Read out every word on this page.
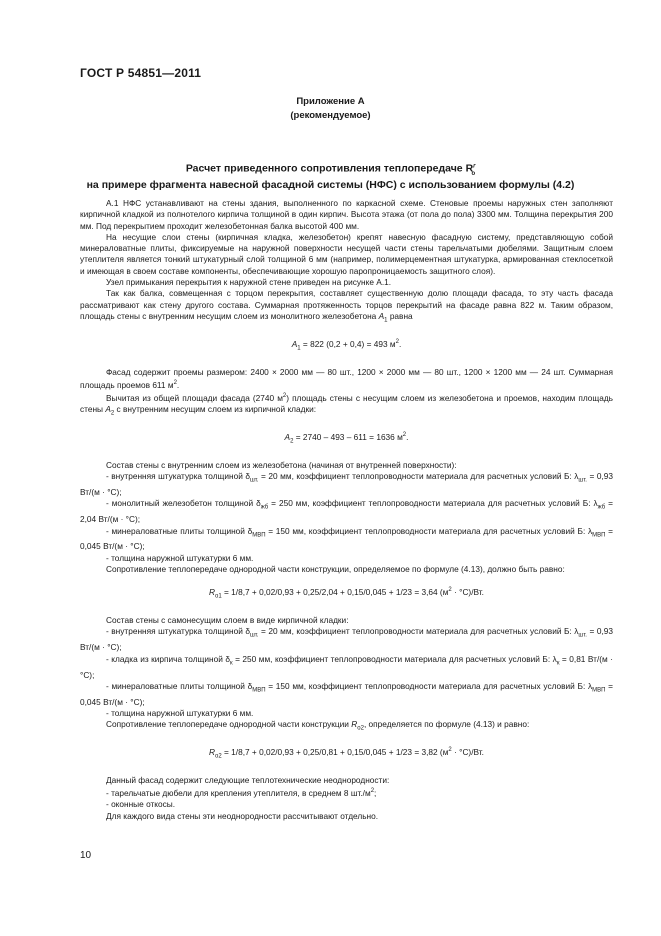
ГОСТ Р 54851—2011
Приложение А
(рекомендуемое)
Расчет приведенного сопротивления теплопередаче $R^r_о$
на примере фрагмента навесной фасадной системы (НФС) с использованием формулы (4.2)

А.1 НФС устанавливают на стены здания, выполненного по каркасной схеме. Стеновые проемы наружных стен заполняют кирпичной кладкой из полнотелого кирпича толщиной в один кирпич. Высота этажа (от пола до пола) 3300 мм. Толщина перекрытия 200 мм. Под перекрытием проходит железобетонная балка высотой 400 мм.

На несущие слои стены (кирпичная кладка, железобетон) крепят навесную фасадную систему, представляющую собой минераловатные плиты, фиксируемые на наружной поверхности несущей части стены тарельчатыми дюбелями. Защитным слоем утеплителя является тонкий штукатурный слой толщиной 6 мм (например, полимерцементная штукатурка, армированная стеклосеткой и имеющая в своем составе компоненты, обеспечивающие хорошую паропроницаемость защитного слоя).

Узел примыкания перекрытия к наружной стене приведен на рисунке А.1.

Так как балка, совмещенная с торцом перекрытия, составляет существенную долю площади фасада, то эту часть фасада рассматривают как стену другого состава. Суммарная протяженность торцов перекрытий на фасаде равна 822 м. Таким образом, площадь стены с внутренним несущим слоем из монолитного железобетона $A_1$ равна

$A_1 = 822$ (0,2 + 0,4) = 493 $м^2$.

Фасад содержит проемы размером: 2400 × 2000 мм — 80 шт., 1200 × 2000 мм — 80 шт., 1200 × 1200 мм — 24 шт. Суммарная площадь проемов 611 $м^2$.

Вычитая из общей площади фасада (2740 $м^2$) площадь стены с несущим слоем из железобетона и проемов, находим площадь стены $A_2$ с внутренним несущим слоем из кирпичной кладки:

$A_2 = 2740 - 493 - 611 = 1636$ $м^2$.

Состав стены с внутренним слоем из железобетона (начиная от внутренней поверхности):

- внутренняя штукатурка толщиной $\delta_{шт.} = 20$ мм, коэффициент теплопроводности материала для расчетных условий Б: $\lambda_{шт.} = 0,93$ Вт/(м · °С);

- монолитный железобетон толщиной $\delta_{жб} = 250$ мм, коэффициент теплопроводности материала для расчетных условий Б: $\lambda_{жб} = 2,04$ Вт/(м · °С);

- минераловатные плиты толщиной $\delta_{МВП} = 150$ мм, коэффициент теплопроводности материала для расчетных условий Б: $\lambda_{МВП} = 0,045$ Вт/(м · °С);

- толщина наружной штукатурки 6 мм.

Сопротивление теплопередаче однородной части конструкции, определяемое по формуле (4.13), должно быть равно:

$R_{о1} = 1/8,7 + 0,02/0,93 + 0,25/2,04 + 0,15/0,045 + 1/23 = 3,64$ $(м^2 \cdot ^\circ С)/Вт$.

Состав стены с самонесущим слоем в виде кирпичной кладки:

- внутренняя штукатурка толщиной $\delta_{шт.} = 20$ мм, коэффициент теплопроводности материала для расчетных условий Б: $\lambda_{шт.} = 0,93$ Вт/(м · °С);

- кладка из кирпича толщиной $\delta_к = 250$ мм, коэффициент теплопроводности материала для расчетных условий Б: $\lambda_к = 0,81$ Вт/(м · °С);

- минераловатные плиты толщиной $\delta_{МВП} = 150$ мм, коэффициент теплопроводности материала для расчетных условий Б: $\lambda_{МВП} = 0,045$ Вт/(м · °С);

- толщина наружной штукатурки 6 мм.

Сопротивление теплопередаче однородной части конструкции $R_{о2}$, определяется по формуле (4.13) и равно:

$R_{о2} = 1/8,7 + 0,02/0,93 + 0,25/0,81 + 0,15/0,045 + 1/23 = 3,82$ $(м^2 \cdot ^\circ С)/Вт$.

Данный фасад содержит следующие теплотехнические неоднородности:

- тарельчатые дюбели для крепления утеплителя, в среднем 8 $шт./м^2$;

- оконные откосы.

Для каждого вида стены эти неоднородности рассчитывают отдельно.

10
